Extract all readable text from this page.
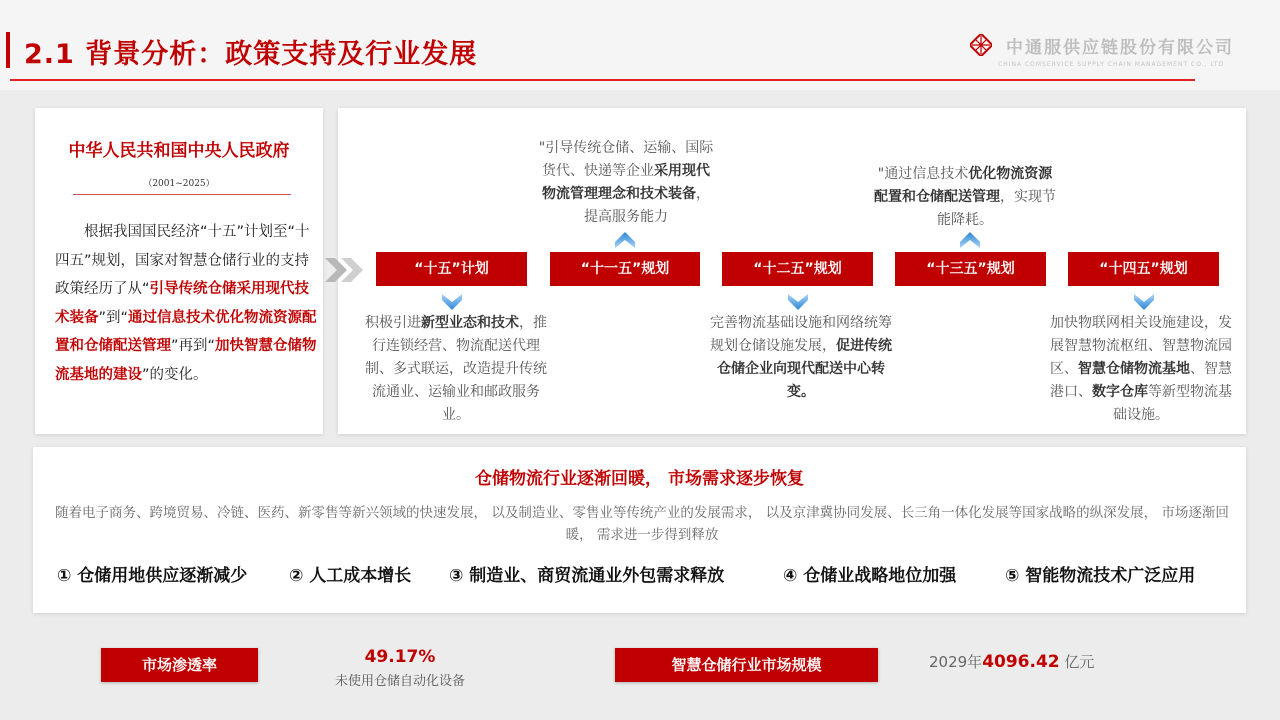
2.1 背景分析：政策支持及行业发展	中通服供应链股份有限公司
CHINA COMSERVICE SUPPLY CHAIN MANAGEMENT CO., LTD
中华人民共和国中央人民政府
（2001~2025）
根据我国国民经济“十五”计划至“十四五”规划，国家对智慧仓储行业的支持政策经历了从“引导传统仓储采用现代技术装备”到“通过信息技术优化物流资源配置和仓储配送管理”再到“加快智慧仓储物流基地的建设”的变化。
“十五”计划	“十一五”规划	“十二五”规划	“十三五”规划	“十四五”规划
积极引进新型业态和技术，推行连锁经营、物流配送代理制、多式联运，改造提升传统流通业、运输业和邮政服务业。
"引导传统仓储、运输、国际货代、快递等企业采用现代物流管理理念和技术装备，提高服务能力
完善物流基础设施和网络统筹规划仓储设施发展，促进传统仓储企业向现代配送中心转变。
"通过信息技术优化物流资源配置和仓储配送管理，实现节能降耗。
加快物联网相关设施建设，发展智慧物流枢纽、智慧物流园区、智慧仓储物流基地、智慧港口、数字仓库等新型物流基础设施。
仓储物流行业逐渐回暖， 市场需求逐步恢复
随着电子商务、跨境贸易、冷链、医药、新零售等新兴领域的快速发展， 以及制造业、零售业等传统产业的发展需求， 以及京津冀协同发展、长三角一体化发展等国家战略的纵深发展， 市场逐渐回暖， 需求进一步得到释放
① 仓储用地供应逐渐减少 ② 人工成本增长 ③ 制造业、商贸流通业外包需求释放	④ 仓储业战略地位加强	⑤ 智能物流技术广泛应用
市场渗透率	49.17%
未使用仓储自动化设备
智慧仓储行业市场规模	2029年4096.42 亿元
